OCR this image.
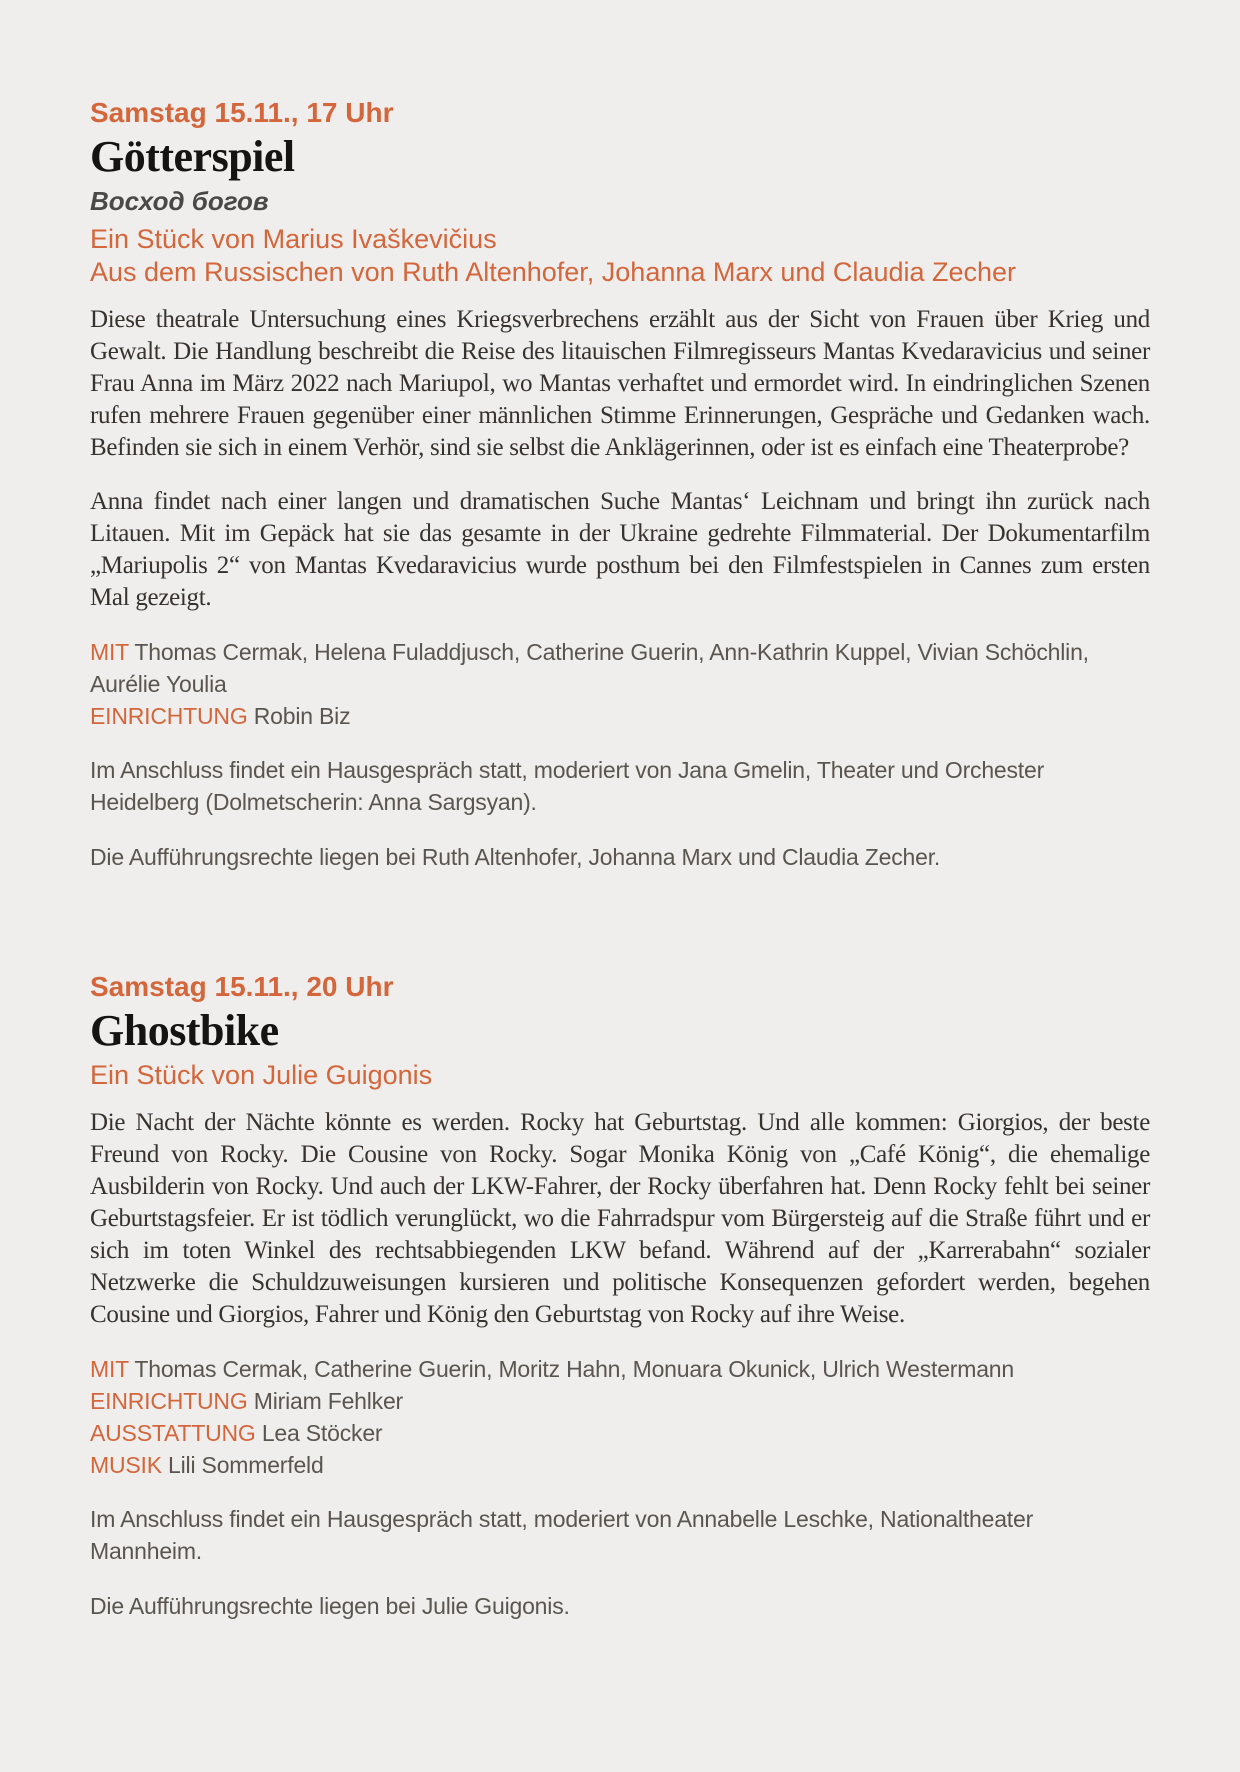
Samstag 15.11., 17 Uhr
Götterspiel
Восход богов
Ein Stück von Marius Ivaškevičius
Aus dem Russischen von Ruth Altenhofer, Johanna Marx und Claudia Zecher

Diese theatrale Untersuchung eines Kriegsverbrechens erzählt aus der Sicht von Frauen über Krieg und Gewalt. Die Handlung beschreibt die Reise des litauischen Filmregisseurs Mantas Kvedaravicius und seiner Frau Anna im März 2022 nach Mariupol, wo Mantas verhaftet und ermordet wird. In eindringlichen Szenen rufen mehrere Frauen gegenüber einer männlichen Stimme Erinnerungen, Gespräche und Gedanken wach. Befinden sie sich in einem Verhör, sind sie selbst die Anklägerinnen, oder ist es einfach eine Theaterprobe?

Anna findet nach einer langen und dramatischen Suche Mantas‘ Leichnam und bringt ihn zurück nach Litauen. Mit im Gepäck hat sie das gesamte in der Ukraine gedrehte Filmmaterial. Der Dokumentarfilm „Mariupolis 2“ von Mantas Kvedaravicius wurde posthum bei den Filmfestspielen in Cannes zum ersten Mal gezeigt.

MIT Thomas Cermak, Helena Fuladdjusch, Catherine Guerin, Ann-Kathrin Kuppel, Vivian Schöchlin, Aurélie Youlia
EINRICHTUNG Robin Biz

Im Anschluss findet ein Hausgespräch statt, moderiert von Jana Gmelin, Theater und Orchester Heidelberg (Dolmetscherin: Anna Sargsyan).

Die Aufführungsrechte liegen bei Ruth Altenhofer, Johanna Marx und Claudia Zecher.

Samstag 15.11., 20 Uhr
Ghostbike
Ein Stück von Julie Guigonis

Die Nacht der Nächte könnte es werden. Rocky hat Geburtstag. Und alle kommen: Giorgios, der beste Freund von Rocky. Die Cousine von Rocky. Sogar Monika König von „Café König“, die ehemalige Ausbilderin von Rocky. Und auch der LKW-Fahrer, der Rocky überfahren hat. Denn Rocky fehlt bei seiner Geburtstagsfeier. Er ist tödlich verunglückt, wo die Fahrradspur vom Bürgersteig auf die Straße führt und er sich im toten Winkel des rechtsabbiegenden LKW befand. Während auf der „Karrerabahn“ sozialer Netzwerke die Schuldzuweisungen kursieren und politische Konsequenzen gefordert werden, begehen Cousine und Giorgios, Fahrer und König den Geburtstag von Rocky auf ihre Weise.

MIT Thomas Cermak, Catherine Guerin, Moritz Hahn, Monuara Okunick, Ulrich Westermann
EINRICHTUNG Miriam Fehlker
AUSSTATTUNG Lea Stöcker
MUSIK Lili Sommerfeld

Im Anschluss findet ein Hausgespräch statt, moderiert von Annabelle Leschke, Nationaltheater Mannheim.

Die Aufführungsrechte liegen bei Julie Guigonis.
